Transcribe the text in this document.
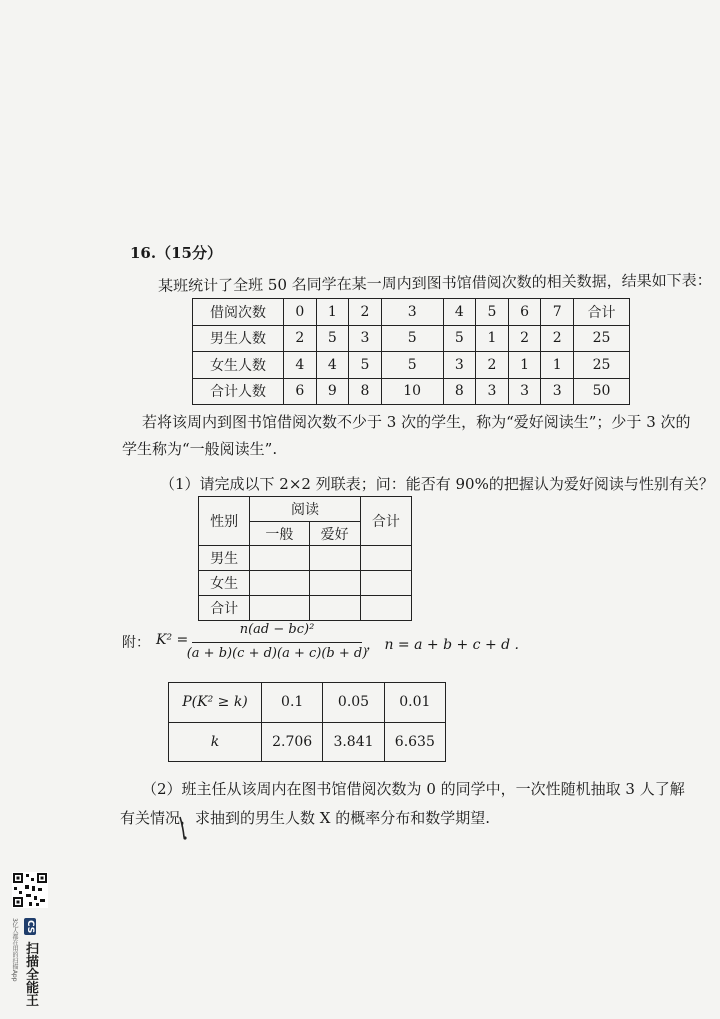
16.（15分）
某班统计了全班 50 名同学在某一周内到图书馆借阅次数的相关数据，结果如下表：
借阅次数	0	1	2	3	4	5	6	7	合计
男生人数	2	5	3	5	5	1	2	2	25
女生人数	4	4	5	5	3	2	1	1	25
合计人数	6	9	8	10	8	3	3	3	50
若将该周内到图书馆借阅次数不少于 3 次的学生，称为“爱好阅读生”；少于 3 次的
学生称为“一般阅读生”.
（1）请完成以下 2×2 列联表；问：能否有 90%的把握认为爱好阅读与性别有关？
性别	阅读		合计
	一般	爱好	
男生			
女生			
合计			
附： K² =
n(ad − bc)²
(a + b)(c + d)(a + c)(b + d)
， n = a + b + c + d .
P(K² ≥ k)	0.1	0.05	0.01
k	2.706	3.841	6.635
（2）班主任从该周内在图书馆借阅次数为 0 的同学中，一次性随机抽取 3 人了解
有关情况，求抽到的男生人数 X 的概率分布和数学期望.
CS 扫描全能王 3亿人都在用的扫描App
